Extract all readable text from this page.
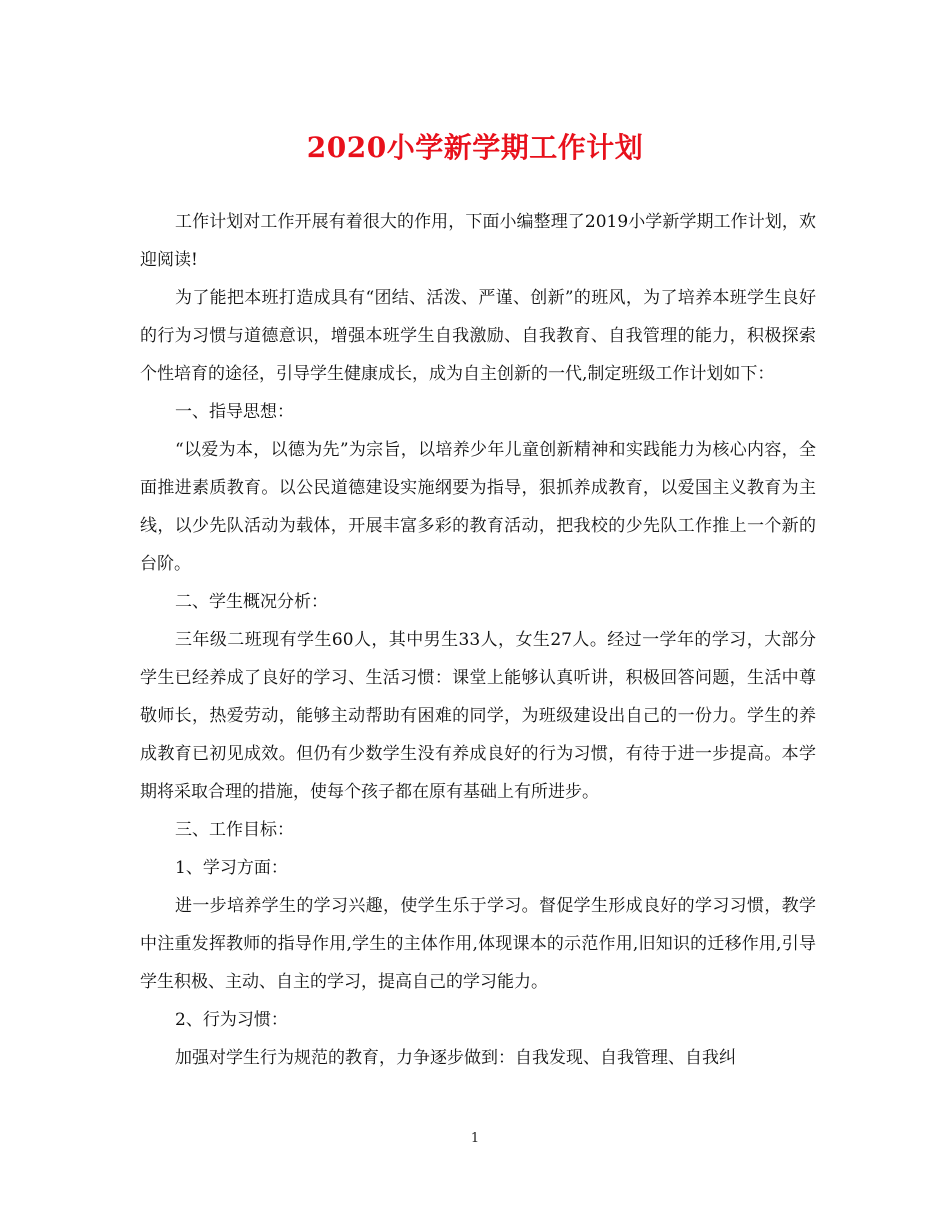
2020小学新学期工作计划

工作计划对工作开展有着很大的作用，下面小编整理了2019小学新学期工作计划，欢迎阅读!

为了能把本班打造成具有“团结、活泼、严谨、创新”的班风，为了培养本班学生良好的行为习惯与道德意识，增强本班学生自我激励、自我教育、自我管理的能力，积极探索个性培育的途径，引导学生健康成长，成为自主创新的一代,制定班级工作计划如下：

一、指导思想：

“以爱为本，以德为先”为宗旨，以培养少年儿童创新精神和实践能力为核心内容，全面推进素质教育。以公民道德建设实施纲要为指导，狠抓养成教育，以爱国主义教育为主线，以少先队活动为载体，开展丰富多彩的教育活动，把我校的少先队工作推上一个新的台阶。

二、学生概况分析：

三年级二班现有学生60人，其中男生33人，女生27人。经过一学年的学习，大部分学生已经养成了良好的学习、生活习惯：课堂上能够认真听讲，积极回答问题，生活中尊敬师长，热爱劳动，能够主动帮助有困难的同学，为班级建设出自己的一份力。学生的养成教育已初见成效。但仍有少数学生没有养成良好的行为习惯，有待于进一步提高。本学期将采取合理的措施，使每个孩子都在原有基础上有所进步。

三、工作目标：

1、学习方面：

进一步培养学生的学习兴趣，使学生乐于学习。督促学生形成良好的学习习惯，教学中注重发挥教师的指导作用,学生的主体作用,体现课本的示范作用,旧知识的迁移作用,引导学生积极、主动、自主的学习，提高自己的学习能力。

2、行为习惯：

加强对学生行为规范的教育，力争逐步做到：自我发现、自我管理、自我纠

1
